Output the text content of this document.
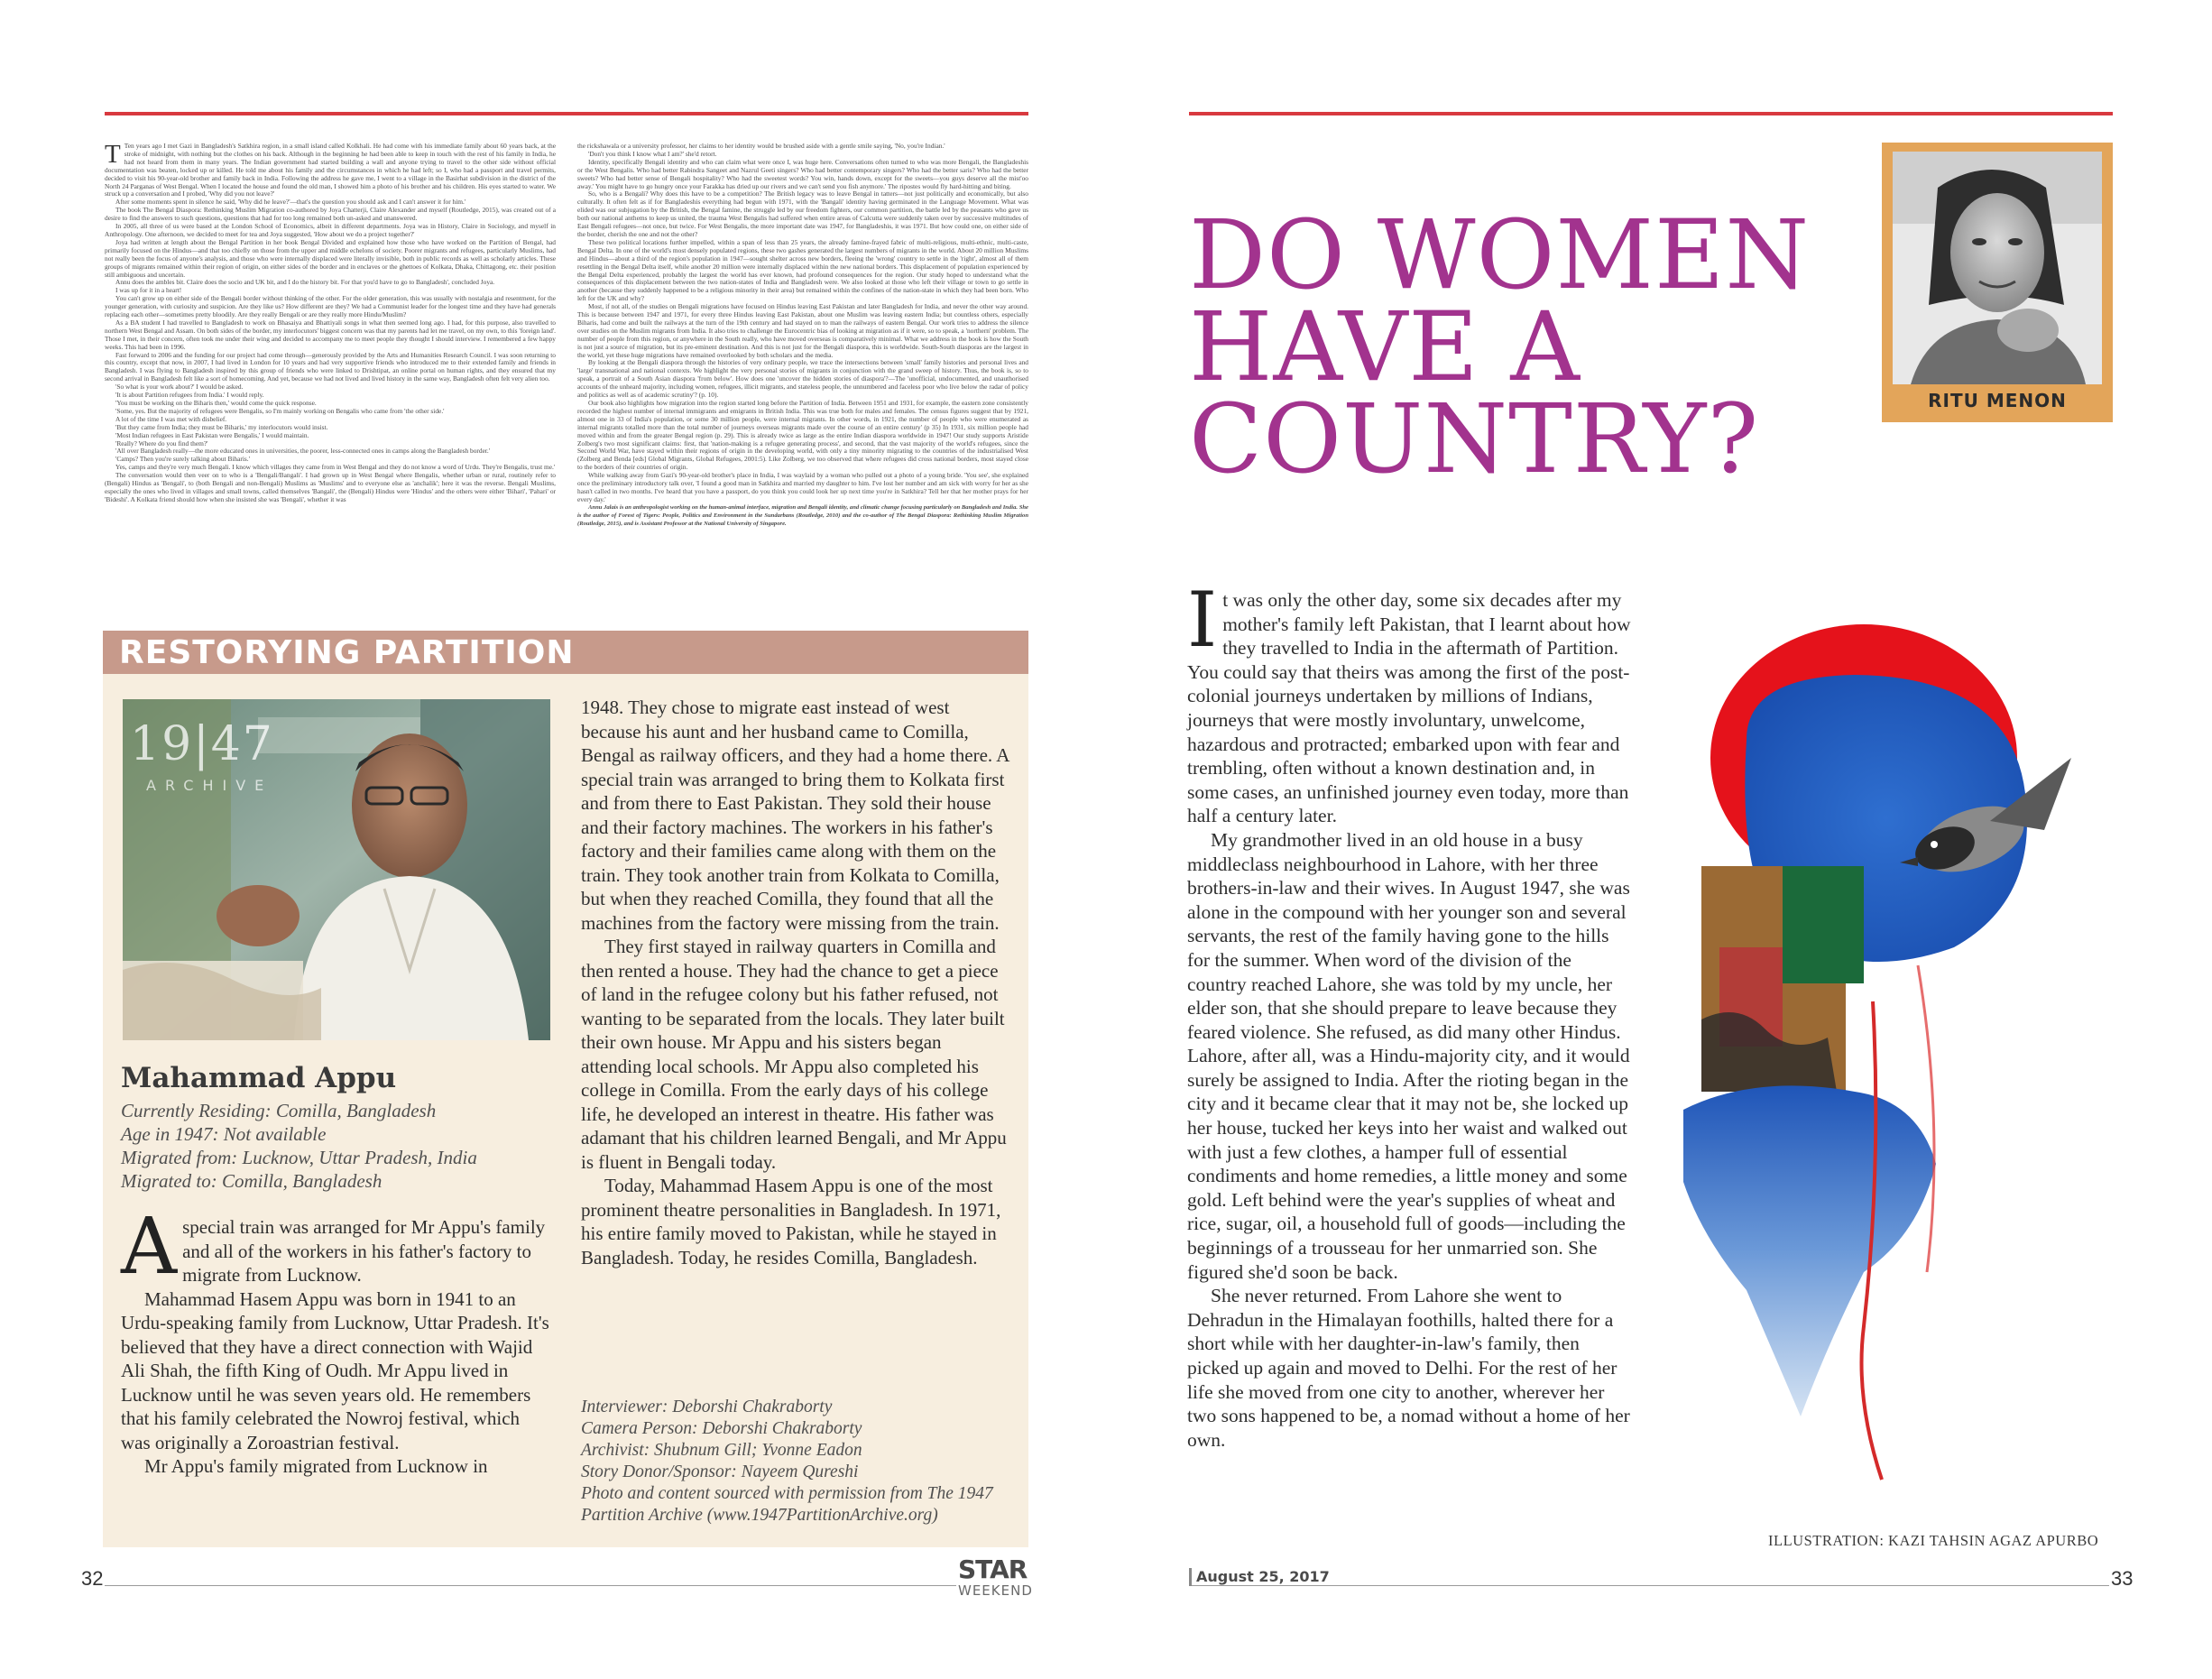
T Ten years ago I met Gazi in Bangladesh's Satkhira region, in a small island called Kolkhali. He had come with his immediate family about 60 years back, at the stroke of midnight, with nothing but the clothes on his back. Although in the beginning he had been able to keep in touch with the rest of his family in India, he had not heard from them in many years. The Indian government had started building a wall and anyone trying to travel to the other side without official documentation was beaten, locked up or killed. He told me about his family and the circumstances in which he had left; so I, who had a passport and travel permits, decided to visit his 90-year-old brother and family back in India. Following the address he gave me, I went to a village in the Basirhat subdivision in the district of the North 24 Parganas of West Bengal. When I located the house and found the old man, I showed him a photo of his brother and his children. His eyes started to water. We struck up a conversation and I probed, 'Why did you not leave?'

After some moments spent in silence he said, 'Why did he leave?'—that's the question you should ask and I can't answer it for him.'

The book The Bengal Diaspora: Rethinking Muslim Migration co-authored by Joya Chatterji, Claire Alexander and myself (Routledge, 2015), was created out of a desire to find the answers to such questions, questions that had for too long remained both un-asked and unanswered.

In 2005, all three of us were based at the London School of Economics, albeit in different departments. Joya was in History, Claire in Sociology, and myself in Anthropology. One afternoon, we decided to meet for tea and Joya suggested, 'How about we do a project together?'

Joya had written at length about the Bengal Partition in her book Bengal Divided and explained how those who have worked on the Partition of Bengal, had primarily focused on the Hindus—and that too chiefly on those from the upper and middle echelons of society. Poorer migrants and refugees, particularly Muslims, had not really been the focus of anyone's analysis, and those who were internally displaced were literally invisible, both in public records as well as scholarly articles. These groups of migrants remained within their region of origin, on either sides of the border and in enclaves or the ghettoes of Kolkata, Dhaka, Chittagong, etc. their position still ambiguous and uncertain.

Annu does the ambles bit. Claire does the socio and UK bit, and I do the history bit. For that you'd have to go to Bangladesh', concluded Joya.

I was up for it in a heart!

You can't grow up on either side of the Bengali border without thinking of the other. For the older generation, this was usually with nostalgia and resentment, for the younger generation, with curiosity and suspicion. Are they like us? How different are they? We had a Communist leader for the longest time and they have had generals replacing each other—sometimes pretty bloodily. Are they really Bengali or are they really more Hindu/Muslim?

As a BA student I had travelled to Bangladesh to work on Bhasaiya and Bhattiyali songs in what then seemed long ago. I had, for this purpose, also travelled to northern West Bengal and Assam. On both sides of the border, my interlocutors' biggest concern was that my parents had let me travel, on my own, to this 'foreign land'. Those I met, in their concern, often took me under their wing and decided to accompany me to meet people they thought I should interview. I remembered a few happy weeks. This had been in 1996.

Fast forward to 2006 and the funding for our project had come through—generously provided by the Arts and Humanities Research Council. I was soon returning to this country, except that now, in 2007, I had lived in London for 10 years and had very supportive friends who introduced me to their extended family and friends in Bangladesh. I was flying to Bangladesh inspired by this group of friends who were linked to Drishtipat, an online portal on human rights, and they ensured that my second arrival in Bangladesh felt like a sort of homecoming. And yet, because we had not lived and lived history in the same way, Bangladesh often felt very alien too.

'So what is your work about?' I would be asked.

'It is about Partition refugees from India.' I would reply.

'You must be working on the Biharis then,' would come the quick response.

'Some, yes. But the majority of refugees were Bengalis, so I'm mainly working on Bengalis who came from 'the other side.'

A lot of the time I was met with disbelief.

'But they came from India; they must be Biharis,' my interlocutors would insist.

'Most Indian refugees in East Pakistan were Bengalis,' I would maintain.

'Really? Where do you find them?'

'All over Bangladesh really—the more educated ones in universities, the poorer, less-connected ones in camps along the Bangladesh border.'

'Camps? Then you're surely talking about Biharis.'

Yes, camps and they're very much Bengali. I know which villages they came from in West Bengal and they do not know a word of Urdu. They're Bengalis, trust me.'

The conversation would then veer on to who is a 'Bengali/Bangali'. I had grown up in West Bengal where Bengalis, whether urban or rural, routinely refer to (Bengali) Hindus as 'Bengali', to (both Bengali and non-Bengali) Muslims as 'Muslims' and to everyone else as 'anchalik'; here it was the reverse. Bengali Muslims, especially the ones who lived in villages and small towns, called themselves 'Bangali', the (Bengali) Hindus were 'Hindus' and the others were either 'Bihari', 'Pahari' or 'Bideshi'. A Kolkata friend should how when she insisted she was 'Bengali', whether it was

the rickshawala or a university professor, her claims to her identity would be brushed aside with a gentle smile saying, 'No, you're Indian.'

'Don't you think I know what I am?' she'd retort.

Identity, specifically Bengali identity and who can claim what were once I, was huge here. Conversations often turned to who was more Bengali, the Bangladeshis or the West Bengalis. Who had better Rabindra Sangeet and Nazrul Geeti singers? Who had better contemporary singers? Who had the better saris? Who had the better sweets? Who had better sense of Bengali hospitality? Who had the sweetest words? You win, hands down, except for the sweets—you guys deserve all the mist'oo away.' You might have to go hungry once your Farakka has dried up our rivers and we can't send you fish anymore.' The ripostes would fly hard-hitting and biting.

So, who is a Bengali? Why does this have to be a competition? The British legacy was to leave Bengal in tatters—not just politically and economically, but also culturally. It often felt as if for Bangladeshis everything had begun with 1971, with the 'Bangali' identity having germinated in the Language Movement. What was elided was our subjugation by the British, the Bengal famine, the struggle led by our freedom fighters, our common partition, the battle led by the peasants who gave us both our national anthems to keep us united, the trauma West Bengalis had suffered when entire areas of Calcutta were suddenly taken over by successive multitudes of East Bengali refugees—not once, but twice. For West Bengalis, the more important date was 1947, for Bangladeshis, it was 1971. But how could one, on either side of the border, cherish the one and not the other?

These two political locations further impelled, within a span of less than 25 years, the already famine-frayed fabric of multi-religious, multi-ethnic, multi-caste, Bengal Delta. In one of the world's most densely populated regions, these two gashes generated the largest numbers of migrants in the world. About 20 million Muslims and Hindus—about a third of the region's population in 1947—sought shelter across new borders, fleeing the 'wrong' country to settle in the 'right', almost all of them resettling in the Bengal Delta itself, while another 20 million were internally displaced within the new national borders. This displacement of population experienced by the Bengal Delta experienced, probably the largest the world has ever known, had profound consequences for the region. Our study hoped to understand what the consequences of this displacement between the two nation-states of India and Bangladesh were. We also looked at those who left their village or town to go settle in another (because they suddenly happened to be a religious minority in their area) but remained within the confines of the nation-state in which they had been born. Who left for the UK and why?

Most, if not all, of the studies on Bengali migrations have focused on Hindus leaving East Pakistan and later Bangladesh for India, and never the other way around. This is because between 1947 and 1971, for every three Hindus leaving East Pakistan, about one Muslim was leaving eastern India; but countless others, especially Biharis, had come and built the railways at the turn of the 19th century and had stayed on to man the railways of eastern Bengal. Our work tries to address the silence over studies on the Muslim migrants from India. It also tries to challenge the Eurocentric bias of looking at migration as if it were, so to speak, a 'northern' problem. The number of people from this region, or anywhere in the South really, who have moved overseas is comparatively minimal. What we address in the book is how the South is not just a source of migration, but its pre-eminent destination. And this is not just for the Bengali diaspora, this is worldwide. South-South diasporas are the largest in the world, yet these huge migrations have remained overlooked by both scholars and the media.

By looking at the Bengali diaspora through the histories of very ordinary people, we trace the intersections between 'small' family histories and personal lives and 'large' transnational and national contexts. We highlight the very personal stories of migrants in conjunction with the grand sweep of history. Thus, the book is, so to speak, a portrait of a South Asian diaspora 'from below'. How does one 'uncover the hidden stories of diaspora'?—The 'unofficial, undocumented, and unauthorised accounts of the unheard majority, including women, refugees, illicit migrants, and stateless people, the unnumbered and faceless poor who live below the radar of policy and politics as well as of academic scrutiny'? (p. 10).

Our book also highlights how migration into the region started long before the Partition of India. Between 1951 and 1931, for example, the eastern zone consistently recorded the highest number of internal immigrants and emigrants in British India. This was true both for males and females. The census figures suggest that by 1921, almost one in 33 of India's population, or some 30 million people, were internal migrants. In other words, in 1921, the number of people who were enumerated as internal migrants totalled more than the total number of journeys overseas migrants made over the course of an entire century' (p 35) In 1931, six million people had moved within and from the greater Bengal region (p. 29). This is already twice as large as the entire Indian diaspora worldwide in 1947! Our study supports Aristide Zolberg's two most significant claims: first, that 'nation-making is a refugee generating process', and second, that the vast majority of the world's refugees, since the Second World War, have stayed within their regions of origin in the developing world, with only a tiny minority migrating to the countries of the industrialised West (Zolberg and Benda [eds] Global Migrants, Global Refugees, 2001:5). Like Zolberg, we too observed that where refugees did cross national borders, most stayed close to the borders of their countries of origin.

While walking away from Gazi's 90-year-old brother's place in India, I was waylaid by a woman who pulled out a photo of a young bride. 'You see', she explained once the preliminary introductory talk over, 'I found a good man in Satkhira and married my daughter to him. I've lost her number and am sick with worry for her as she hasn't called in two months. I've heard that you have a passport, do you think you could look her up next time you're in Satkhira? Tell her that her mother prays for her every day.'

Annu Jalais is an anthropologist working on the human-animal interface, migration and Bengali identity, and climatic change focusing particularly on Bangladesh and India. She is the author of Forest of Tigers: People, Politics and Environment in the Sundarbans (Routledge, 2010) and the co-author of The Bengal Diaspora: Rethinking Muslim Migration (Routledge, 2015), and is Assistant Professor at the National University of Singapore.

RESTORYING PARTITION
19|47
ARCHIVE
Mahammad Appu
Currently Residing: Comilla, Bangladesh
Age in 1947: Not available
Migrated from: Lucknow, Uttar Pradesh, India
Migrated to: Comilla, Bangladesh

Aspecial train was arranged for Mr Appu's family and all of the workers in his father's factory to migrate from Lucknow.

Mahammad Hasem Appu was born in 1941 to an Urdu-speaking family from Lucknow, Uttar Pradesh. It's believed that they have a direct connection with Wajid Ali Shah, the fifth King of Oudh. Mr Appu lived in Lucknow until he was seven years old. He remembers that his family celebrated the Nowroj festival, which was originally a Zoroastrian festival.

Mr Appu's family migrated from Lucknow in

1948. They chose to migrate east instead of west because his aunt and her husband came to Comilla, Bengal as railway officers, and they had a home there. A special train was arranged to bring them to Kolkata first and from there to East Pakistan. They sold their house and their factory machines. The workers in his father's factory and their families came along with them on the train. They took another train from Kolkata to Comilla, but when they reached Comilla, they found that all the machines from the factory were missing from the train.

They first stayed in railway quarters in Comilla and then rented a house. They had the chance to get a piece of land in the refugee colony but his father refused, not wanting to be separated from the locals. They later built their own house. Mr Appu and his sisters began attending local schools. Mr Appu also completed his college in Comilla. From the early days of his college life, he developed an interest in theatre. His father was adamant that his children learned Bengali, and Mr Appu is fluent in Bengali today.

Today, Mahammad Hasem Appu is one of the most prominent theatre personalities in Bangladesh. In 1971, his entire family moved to Pakistan, while he stayed in Bangladesh. Today, he resides Comilla, Bangladesh.

Interviewer: Deborshi Chakraborty
Camera Person: Deborshi Chakraborty
Archivist: Shubnum Gill; Yvonne Eadon
Story Donor/Sponsor: Nayeem Qureshi
Photo and content sourced with permission from The 1947 Partition Archive (www.1947PartitionArchive.org)
32	STAR
WEEKEND
DO WOMEN
HAVE A
COUNTRY?	RITU MENON

It was only the other day, some six decades after my mother's family left Pakistan, that I learnt about how they travelled to India in the aftermath of Partition. You could say that theirs was among the first of the post-colonial journeys undertaken by millions of Indians, journeys that were mostly involuntary, unwelcome, hazardous and protracted; embarked upon with fear and trembling, often without a known destination and, in some cases, an unfinished journey even today, more than half a century later.

My grandmother lived in an old house in a busy middleclass neighbourhood in Lahore, with her three brothers-in-law and their wives. In August 1947, she was alone in the compound with her younger son and several servants, the rest of the family having gone to the hills for the summer. When word of the division of the country reached Lahore, she was told by my uncle, her elder son, that she should prepare to leave because they feared violence. She refused, as did many other Hindus. Lahore, after all, was a Hindu-majority city, and it would surely be assigned to India. After the rioting began in the city and it became clear that it may not be, she locked up her house, tucked her keys into her waist and walked out with just a few clothes, a hamper full of essential condiments and home remedies, a little money and some gold. Left behind were the year's supplies of wheat and rice, sugar, oil, a household full of goods—including the beginnings of a trousseau for her unmarried son. She figured she'd soon be back.

She never returned. From Lahore she went to Dehradun in the Himalayan foothills, halted there for a short while with her daughter-in-law's family, then picked up again and moved to Delhi. For the rest of her life she moved from one city to another, wherever her two sons happened to be, a nomad without a home of her own.

ILLUSTRATION: KAZI TAHSIN AGAZ APURBO
August 25, 2017	33
